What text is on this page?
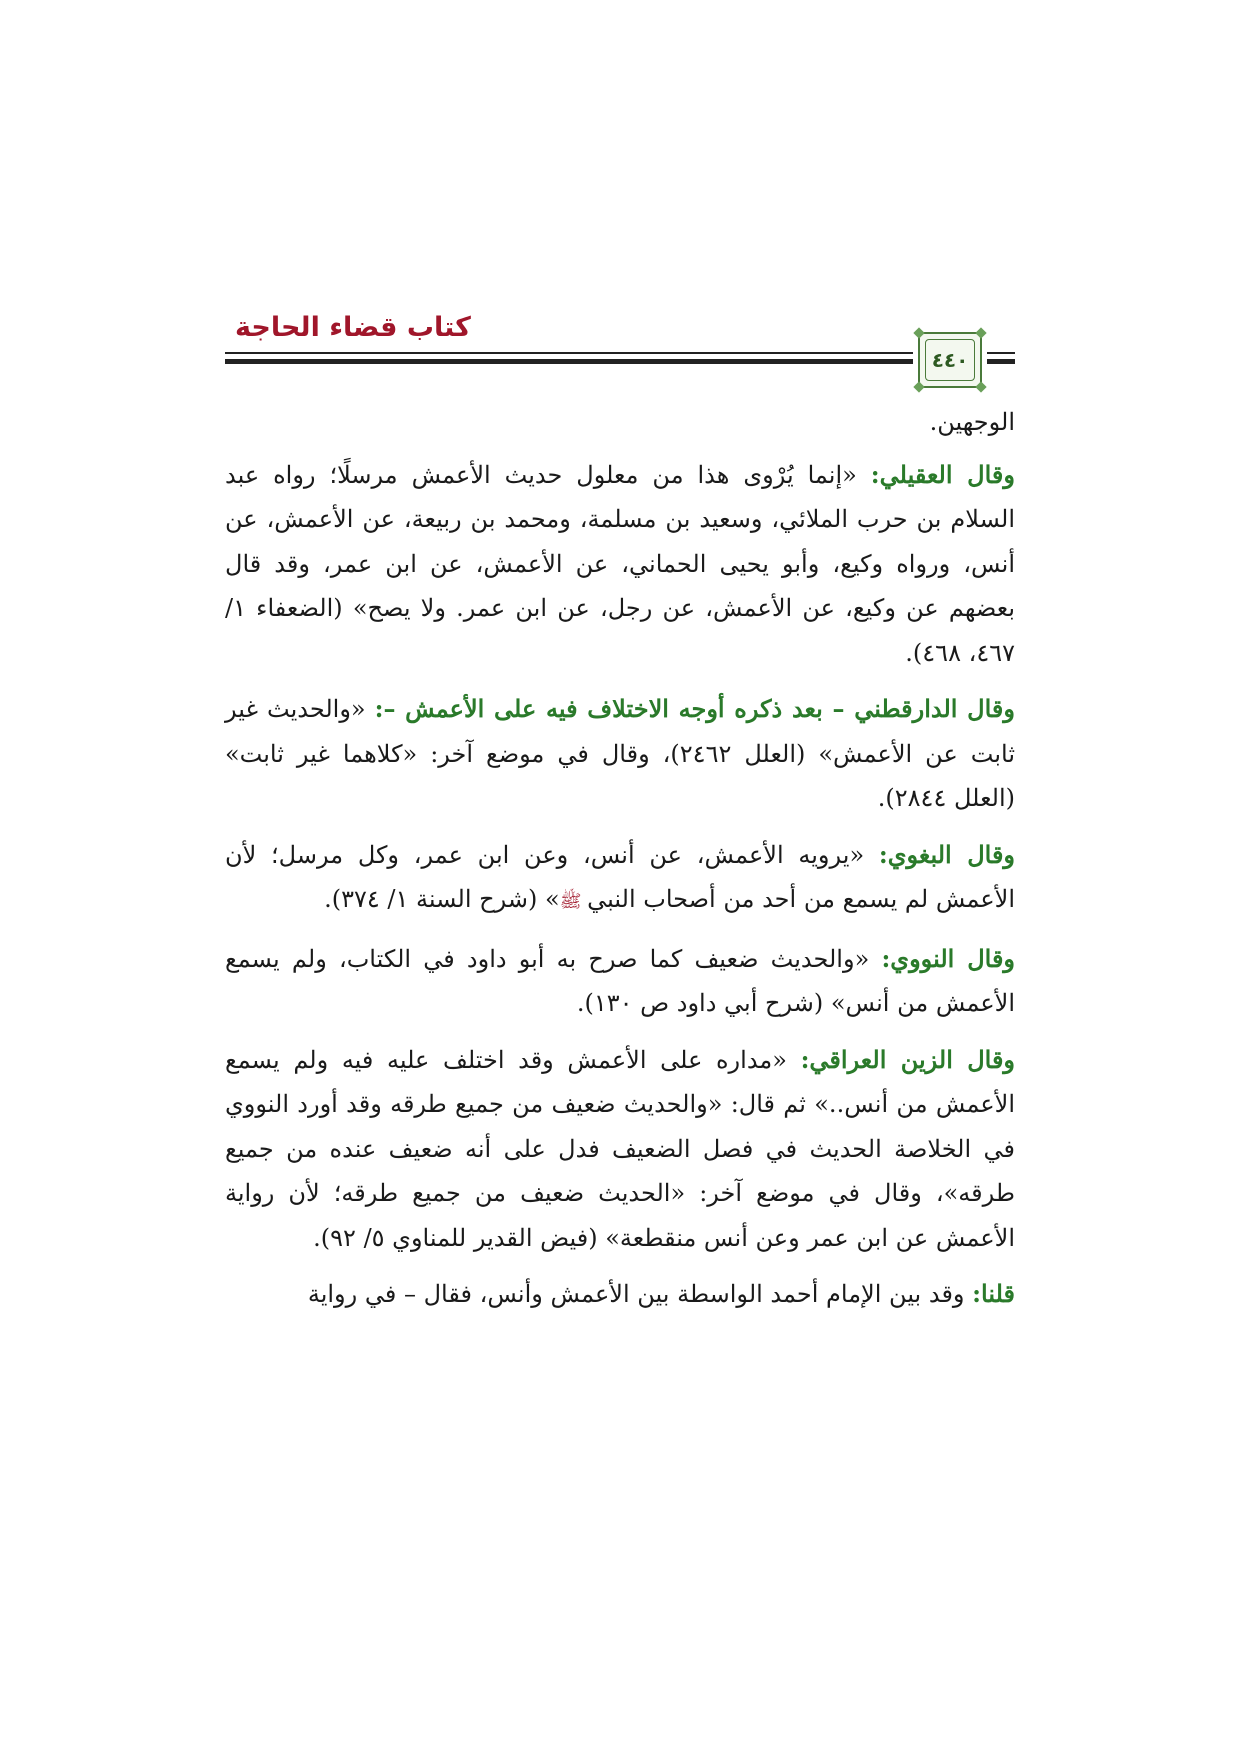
كتاب قضاء الحاجة
٤٤٠

الوجهين.

وقال العقيلي: «إنما يُرْوى هذا من معلول حديث الأعمش مرسلًا؛ رواه عبد السلام بن حرب الملائي، وسعيد بن مسلمة، ومحمد بن ربيعة، عن الأعمش، عن أنس، ورواه وكيع، وأبو يحيى الحماني، عن الأعمش، عن ابن عمر، وقد قال بعضهم عن وكيع، عن الأعمش، عن رجل، عن ابن عمر. ولا يصح» (الضعفاء ١/ ٤٦٧، ٤٦٨).

وقال الدارقطني – بعد ذكره أوجه الاختلاف فيه على الأعمش –: «والحديث غير ثابت عن الأعمش» (العلل ٢٤٦٢)، وقال في موضع آخر: «كلاهما غير ثابت» (العلل ٢٨٤٤).

وقال البغوي: «يرويه الأعمش، عن أنس، وعن ابن عمر، وكل مرسل؛ لأن الأعمش لم يسمع من أحد من أصحاب النبي ﷺ» (شرح السنة ١/ ٣٧٤).

وقال النووي: «والحديث ضعيف كما صرح به أبو داود في الكتاب، ولم يسمع الأعمش من أنس» (شرح أبي داود ص ١٣٠).

وقال الزين العراقي: «مداره على الأعمش وقد اختلف عليه فيه ولم يسمع الأعمش من أنس..» ثم قال: «والحديث ضعيف من جميع طرقه وقد أورد النووي في الخلاصة الحديث في فصل الضعيف فدل على أنه ضعيف عنده من جميع طرقه»، وقال في موضع آخر: «الحديث ضعيف من جميع طرقه؛ لأن رواية الأعمش عن ابن عمر وعن أنس منقطعة» (فيض القدير للمناوي ٥/ ٩٢).

قلنا: وقد بين الإمام أحمد الواسطة بين الأعمش وأنس، فقال – في رواية
